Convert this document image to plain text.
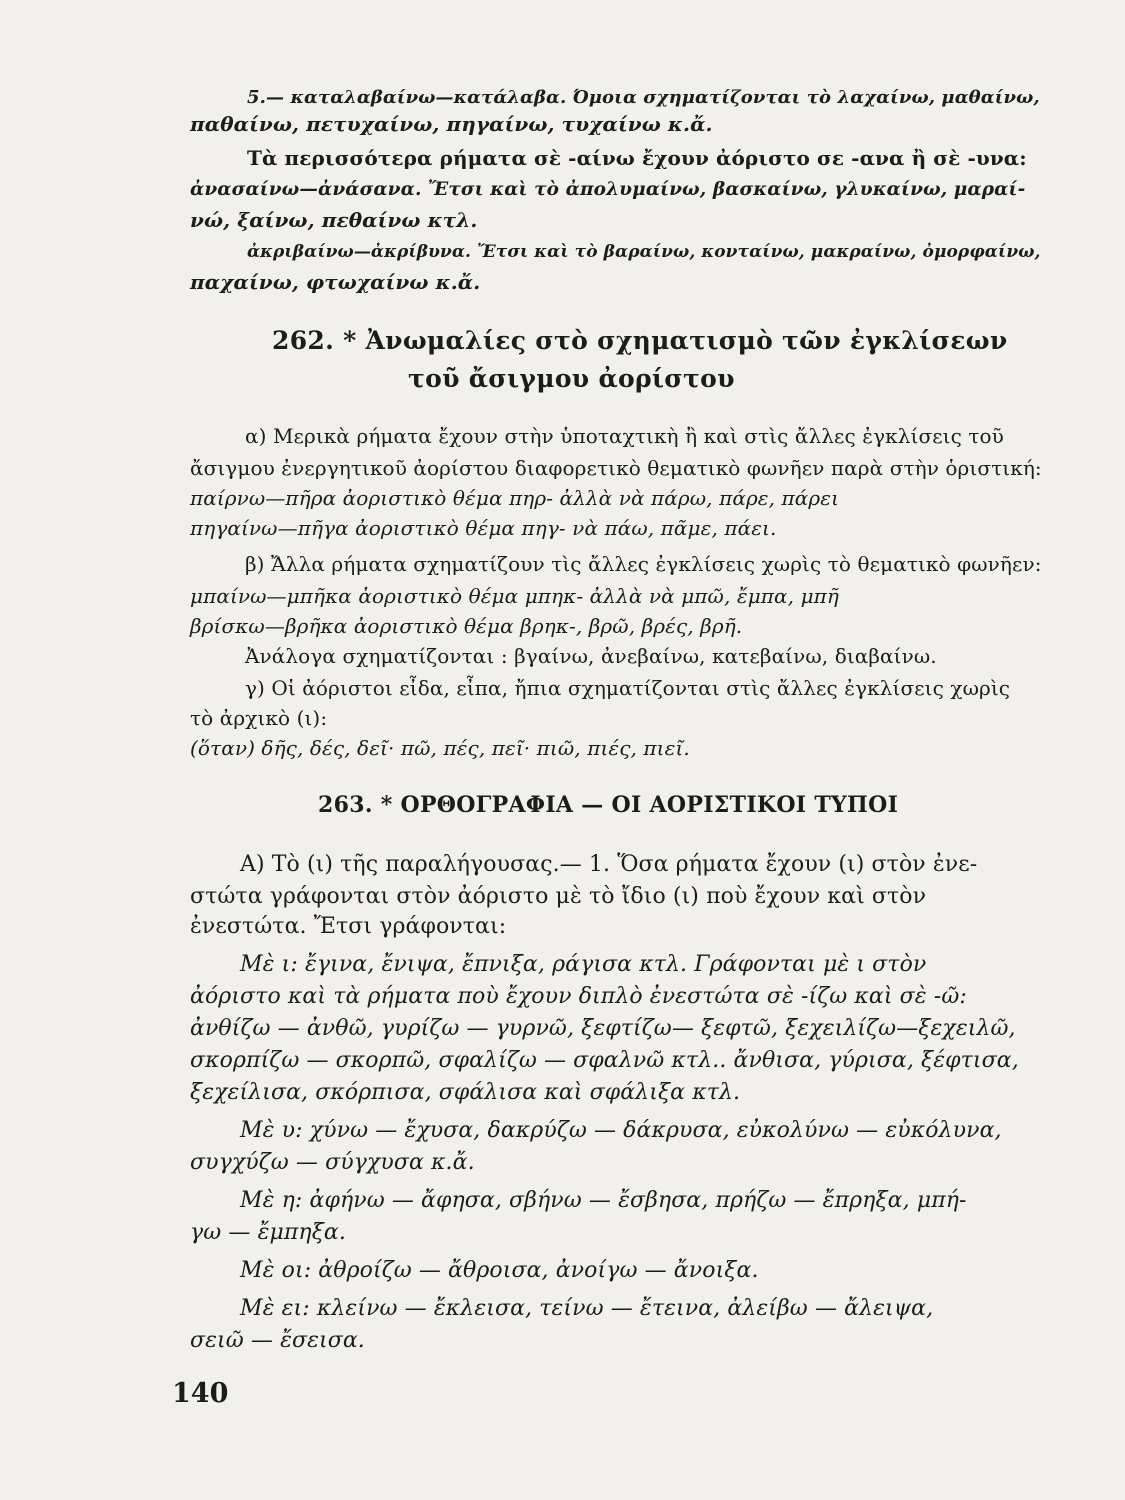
5.— καταλαβαίνω—κατάλαβα. Όμοια σχηματίζονται τὸ λαχαίνω, μαθαίνω,
παθαίνω, πετυχαίνω, πηγαίνω, τυχαίνω κ.ἄ.
Τὰ περισσότερα ρήματα σὲ -αίνω ἔχουν ἀόριστο σε -ανα ἢ σὲ -υνα:
ἀνασαίνω—ἀνάσανα. Ἔτσι καὶ τὸ ἀπολυμαίνω, βασκαίνω, γλυκαίνω, μαραί-
νώ, ξαίνω, πεθαίνω κτλ.
ἀκριβαίνω—ἀκρίβυνα. Ἔτσι καὶ τὸ βαραίνω, κονταίνω, μακραίνω, ὀμορφαίνω,
παχαίνω, φτωχαίνω κ.ἄ.
262. * Ἀνωμαλίες στὸ σχηματισμὸ τῶν ἐγκλίσεων
τοῦ ἄσιγμου ἀορίστου
α) Μερικὰ ρήματα ἔχουν στὴν ὑποταχτικὴ ἢ καὶ στὶς ἄλλες ἐγκλίσεις τοῦ
ἄσιγμου ἐνεργητικοῦ ἀορίστου διαφορετικὸ θεματικὸ φωνῆεν παρὰ στὴν ὁριστική:
παίρνω—πῆρα ἀοριστικὸ θέμα πηρ- ἀλλὰ νὰ πάρω, πάρε, πάρει
πηγαίνω—πῆγα ἀοριστικὸ θέμα πηγ- νὰ πάω, πᾶμε, πάει.
β) Ἄλλα ρήματα σχηματίζουν τὶς ἄλλες ἐγκλίσεις χωρὶς τὸ θεματικὸ φωνῆεν:
μπαίνω—μπῆκα ἀοριστικὸ θέμα μπηκ- ἀλλὰ νὰ μπῶ, ἔμπα, μπῆ
βρίσκω—βρῆκα ἀοριστικὸ θέμα βρηκ-, βρῶ, βρές, βρῆ.
Ἀνάλογα σχηματίζονται : βγαίνω, ἀνεβαίνω, κατεβαίνω, διαβαίνω.
γ) Οἱ ἀόριστοι εἶδα, εἶπα, ἤπια σχηματίζονται στὶς ἄλλες ἐγκλίσεις χωρὶς
τὸ ἀρχικὸ (ι):
(ὅταν) δῆς, δές, δεῖ· πῶ, πές, πεῖ· πιῶ, πιές, πιεῖ.
263. * ΟΡΘΟΓΡΑΦΙΑ — ΟΙ ΑΟΡΙΣΤΙΚΟΙ ΤΥΠΟΙ
Α) Τὸ (ι) τῆς παραλήγουσας.— 1. Ὅσα ρήματα ἔχουν (ι) στὸν ἐνε-
στώτα γράφονται στὸν ἀόριστο μὲ τὸ ἴδιο (ι) ποὺ ἔχουν καὶ στὸν
ἐνεστώτα. Ἔτσι γράφονται:
Μὲ ι: ἔγινα, ἔνιψα, ἔπνιξα, ράγισα κτλ. Γράφονται μὲ ι στὸν
ἀόριστο καὶ τὰ ρήματα ποὺ ἔχουν διπλὸ ἐνεστώτα σὲ -ίζω καὶ σὲ -ῶ:
ἀνθίζω — ἀνθῶ, γυρίζω — γυρνῶ, ξεφτίζω— ξεφτῶ, ξεχειλίζω—ξεχειλῶ,
σκορπίζω — σκορπῶ, σφαλίζω — σφαλνῶ κτλ.. ἄνθισα, γύρισα, ξέφτισα,
ξεχείλισα, σκόρπισα, σφάλισα καὶ σφάλιξα κτλ.
Μὲ υ: χύνω — ἔχυσα, δακρύζω — δάκρυσα, εὐκολύνω — εὐκόλυνα,
συγχύζω — σύγχυσα κ.ἄ.
Μὲ η: ἀφήνω — ἄφησα, σβήνω — ἔσβησα, πρήζω — ἔπρηξα, μπή-
γω — ἔμπηξα.
Μὲ οι: ἀθροίζω — ἄθροισα, ἀνοίγω — ἄνοιξα.
Μὲ ει: κλείνω — ἔκλεισα, τείνω — ἔτεινα, ἀλείβω — ἄλειψα,
σειῶ — ἔσεισα.
140
